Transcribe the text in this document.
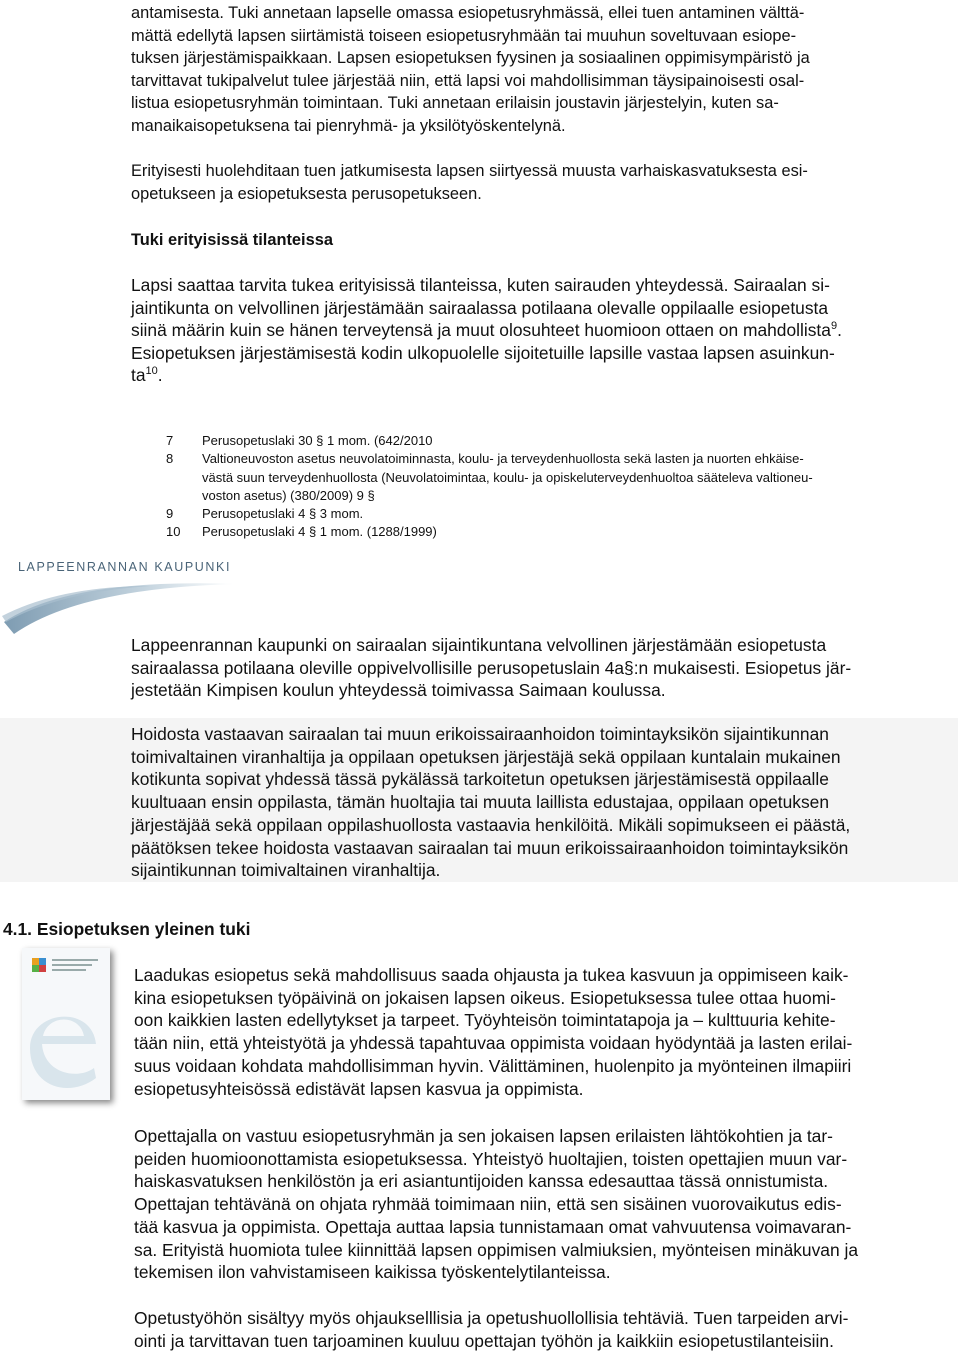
antamisesta. Tuki annetaan lapselle omassa esiopetusryhmässä, ellei tuen antaminen välttä-
mättä edellytä lapsen siirtämistä toiseen esiopetusryhmään tai muuhun soveltuvaan esiope-
tuksen järjestämispaikkaan. Lapsen esiopetuksen fyysinen ja sosiaalinen oppimisympäristö ja
tarvittavat tukipalvelut tulee järjestää niin, että lapsi voi mahdollisimman täysipainoisesti osal-
listua esiopetusryhmän toimintaan. Tuki annetaan erilaisin joustavin järjestelyin, kuten sa-
manaikaisopetuksena tai pienryhmä- ja yksilötyöskentelynä.

Erityisesti huolehditaan tuen jatkumisesta lapsen siirtyessä muusta varhaiskasvatuksesta esi-
opetukseen ja esiopetuksesta perusopetukseen.

Tuki erityisissä tilanteissa

Lapsi saattaa tarvita tukea erityisissä tilanteissa, kuten sairauden yhteydessä. Sairaalan si-
jaintikunta on velvollinen järjestämään sairaalassa potilaana olevalle oppilaalle esiopetusta
siinä määrin kuin se hänen terveytensä ja muut olosuhteet huomioon ottaen on mahdollista$^9$.
Esiopetuksen järjestämisestä kodin ulkopuolelle sijoitetuille lapsille vastaa lapsen asuinkun-
$ta^{10}$.

7 Perusopetuslaki 30 § 1 mom. (642/2010
8 Valtioneuvoston asetus neuvolatoiminnasta, koulu- ja terveydenhuollosta sekä lasten ja nuorten ehkäise-
västä suun terveydenhuollosta (Neuvolatoimintaa, koulu- ja opiskeluterveydenhuoltoa sääteleva valtioneu-
voston asetus) (380/2009) 9 §
9 Perusopetuslaki 4 § 3 mom.
10 Perusopetuslaki 4 § 1 mom. (1288/1999)
LAPPEENRANNAN KAUPUNKI

Lappeenrannan kaupunki on sairaalan sijaintikuntana velvollinen järjestämään esiopetusta
sairaalassa potilaana oleville oppivelvollisille perusopetuslain 4a§:n mukaisesti. Esiopetus jär-
jestetään Kimpisen koulun yhteydessä toimivassa Saimaan koulussa.

Hoidosta vastaavan sairaalan tai muun erikoissairaanhoidon toimintayksikön sijaintikunnan
toimivaltainen viranhaltija ja oppilaan opetuksen järjestäjä sekä oppilaan kuntalain mukainen
kotikunta sopivat yhdessä tässä pykälässä tarkoitetun opetuksen järjestämisestä oppilaalle
kuultuaan ensin oppilasta, tämän huoltajia tai muuta laillista edustajaa, oppilaan opetuksen
järjestäjää sekä oppilaan oppilashuollosta vastaavia henkilöitä. Mikäli sopimukseen ei päästä,
päätöksen tekee hoidosta vastaavan sairaalan tai muun erikoissairaanhoidon toimintayksikön
sijaintikunnan toimivaltainen viranhaltija.

4.1. Esiopetuksen yleinen tuki

Laadukas esiopetus sekä mahdollisuus saada ohjausta ja tukea kasvuun ja oppimiseen kaik-
kina esiopetuksen työpäivinä on jokaisen lapsen oikeus. Esiopetuksessa tulee ottaa huomi-
oon kaikkien lasten edellytykset ja tarpeet. Työyhteisön toimintatapoja ja – kulttuuria kehite-
tään niin, että yhteistyötä ja yhdessä tapahtuvaa oppimista voidaan hyödyntää ja lasten erilai-
suus voidaan kohdata mahdollisimman hyvin. Välittäminen, huolenpito ja myönteinen ilmapiiri
esiopetusyhteisössä edistävät lapsen kasvua ja oppimista.

Opettajalla on vastuu esiopetusryhmän ja sen jokaisen lapsen erilaisten lähtökohtien ja tar-
peiden huomioonottamista esiopetuksessa. Yhteistyö huoltajien, toisten opettajien muun var-
haiskasvatuksen henkilöstön ja eri asiantuntijoiden kanssa edesauttaa tässä onnistumista.
Opettajan tehtävänä on ohjata ryhmää toimimaan niin, että sen sisäinen vuorovaikutus edis-
tää kasvua ja oppimista. Opettaja auttaa lapsia tunnistamaan omat vahvuutensa voimavaran-
sa. Erityistä huomiota tulee kiinnittää lapsen oppimisen valmiuksien, myönteisen minäkuvan ja
tekemisen ilon vahvistamiseen kaikissa työskentelytilanteissa.

Opetustyöhön sisältyy myös ohjaukselllisia ja opetushuollollisia tehtäviä. Tuen tarpeiden arvi-
ointi ja tarvittavan tuen tarjoaminen kuuluu opettajan työhön ja kaikkiin esiopetustilanteisiin.
